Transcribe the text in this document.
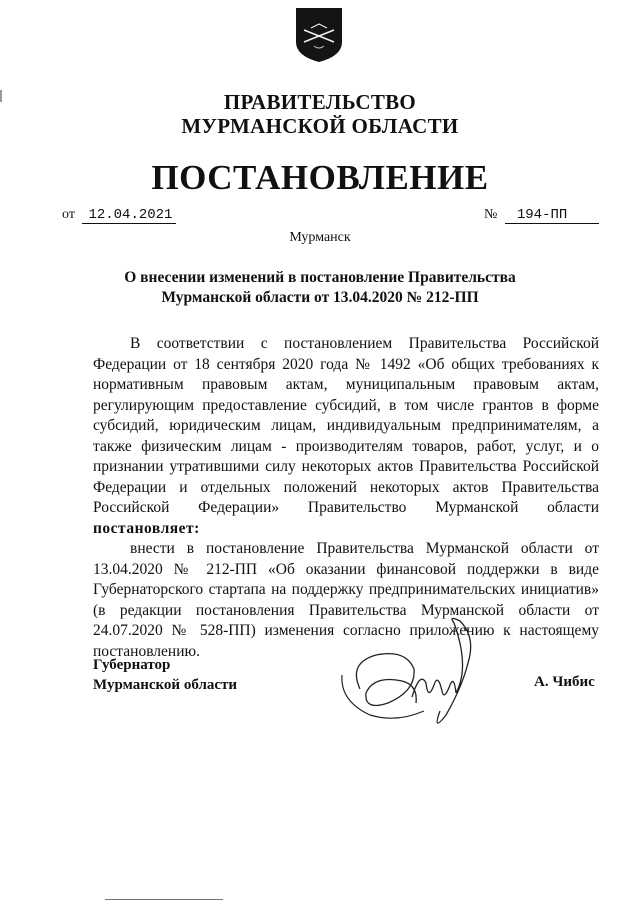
ПРАВИТЕЛЬСТВО
МУРМАНСКОЙ ОБЛАСТИ
ПОСТАНОВЛЕНИЕ
от 12.04.2021	№ 194-ПП
Мурманск
О внесении изменений в постановление Правительства
Мурманской области от 13.04.2020 № 212-ПП

В соответствии с постановлением Правительства Российской Федерации от 18 сентября 2020 года № 1492 «Об общих требованиях к нормативным правовым актам, муниципальным правовым актам, регулирующим предоставление субсидий, в том числе грантов в форме субсидий, юридическим лицам, индивидуальным предпринимателям, а также физическим лицам - производителям товаров, работ, услуг, и о признании утратившими силу некоторых актов Правительства Российской Федерации и отдельных положений некоторых актов Правительства Российской Федерации» Правительство Мурманской области постановляет:

внести в постановление Правительства Мурманской области от 13.04.2020 № 212-ПП «Об оказании финансовой поддержки в виде Губернаторского стартапа на поддержку предпринимательских инициатив» (в редакции постановления Правительства Мурманской области от 24.07.2020 № 528-ПП) изменения согласно приложению к настоящему постановлению.

Губернатор
Мурманской области	А. Чибис
